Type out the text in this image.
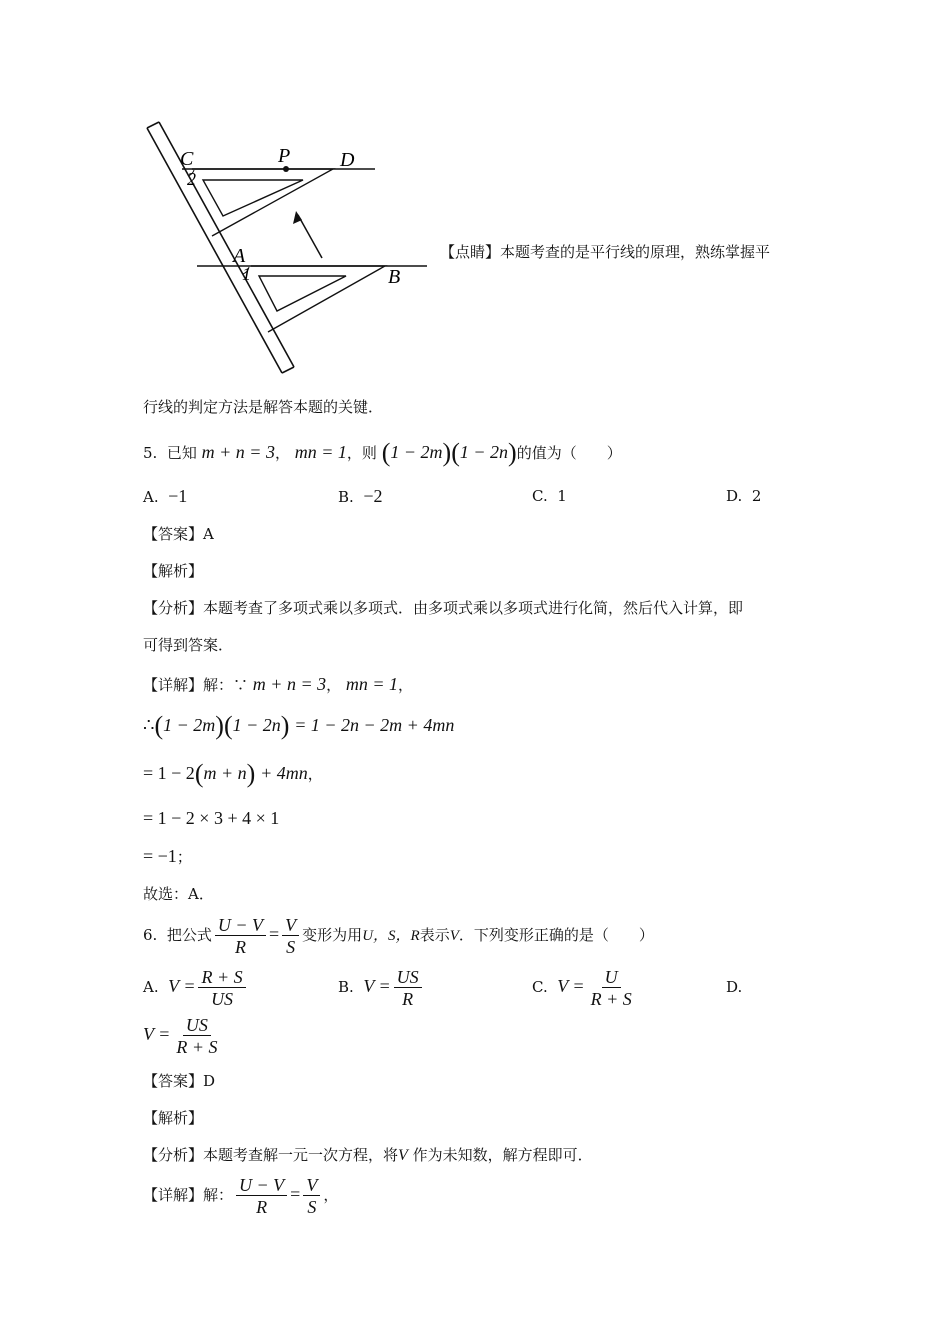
C	P D
2
A
1	B
【点睛】本题考查的是平行线的原理，熟练掌握平
行线的判定方法是解答本题的关键．
5. 已知 m + n = 3， mn = 1，则 (1 − 2m)(1 − 2n)的值为（　　）
A. −1	B. −2	C. 1	D. 2
【答案】A
【解析】
【分析】本题考查了多项式乘以多项式．由多项式乘以多项式进行化简，然后代入计算，即
可得到答案．
【详解】解：∵ m + n = 3， mn = 1，
∴(1 − 2m)(1 − 2n) = 1 − 2n − 2m + 4mn
= 1 − 2(m + n) + 4mn，
= 1 − 2 × 3 + 4 × 1
= −1；
故选：A．
6. 把公式 $\frac{U - V}{R} = \frac{V}{S}$ 变形为用U，S，R表示V．下列变形正确的是（　　）
A. $V = \frac{R + S}{US}$	B. $V = \frac{US}{R}$	C. $V = \frac{U}{R + S}$	D.
$V = \frac{US}{R + S}$
【答案】D
【解析】
【分析】本题考查解一元一次方程，将V 作为未知数，解方程即可．
【详解】解： $\frac{U - V}{R} = \frac{V}{S}$ ，
